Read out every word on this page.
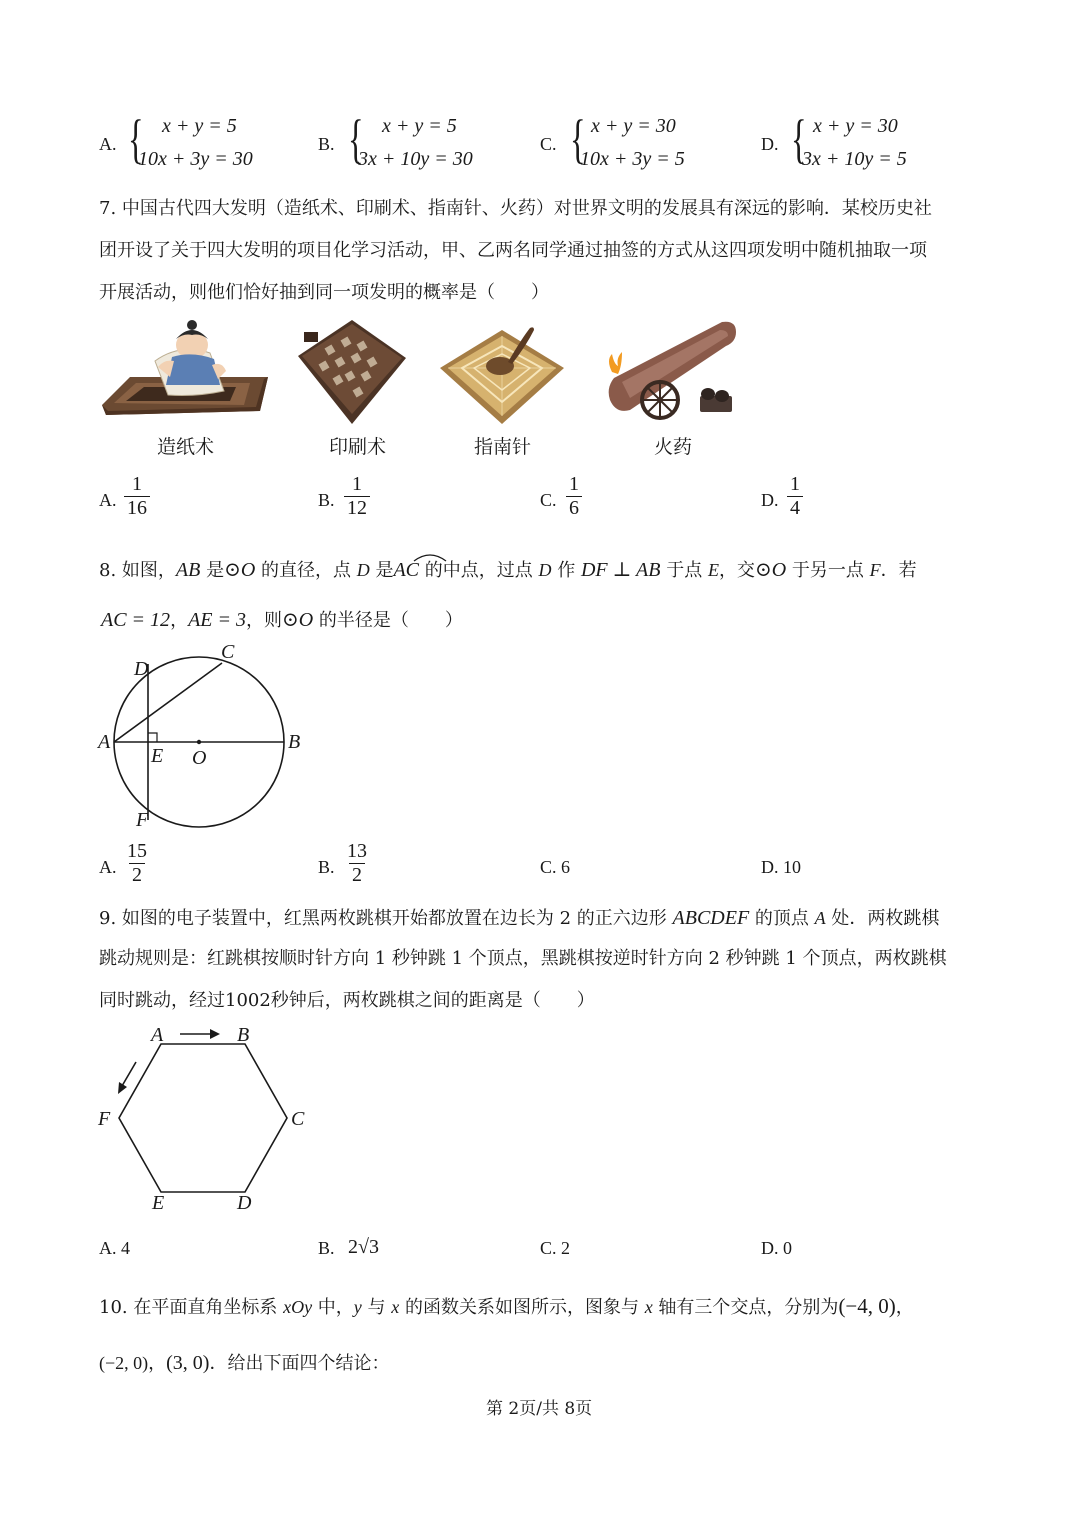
A. { x + y = 5
10x + 3y = 30
B. { x + y = 5
3x + 10y = 30
C. { x + y = 30
10x + 3y = 5
D. { x + y = 30
3x + 10y = 5
7. 中国古代四大发明（造纸术、印刷术、指南针、火药）对世界文明的发展具有深远的影响．某校历史社
团开设了关于四大发明的项目化学习活动，甲、乙两名同学通过抽签的方式从这四项发明中随机抽取一项
开展活动，则他们恰好抽到同一项发明的概率是（　　）
造纸术	印刷术	指南针	火药
A. $\frac{1}{16}$	B. $\frac{1}{12}$	C. $\frac{1}{6}$	D. $\frac{1}{4}$
8. 如图，AB 是⊙O 的直径，点 D 是AC 的中点，过点 D 作 DF ⊥ AB 于点 E，交⊙O 于另一点 F．若
AC = 12，AE = 3，则⊙O 的半径是（　　）
D
C
A
E O
B
F
A. $\frac{15}{2}$	B. $\frac{13}{2}$	C. 6	D. 10
9. 如图的电子装置中，红黑两枚跳棋开始都放置在边长为 2 的正六边形 ABCDEF 的顶点 A 处．两枚跳棋
跳动规则是：红跳棋按顺时针方向 1 秒钟跳 1 个顶点，黑跳棋按逆时针方向 2 秒钟跳 1 个顶点，两枚跳棋
同时跳动，经过1002秒钟后，两枚跳棋之间的距离是（　　）
A	B
C
D
E
F
A. 4	B. 2√3	C. 2	D. 0
10. 在平面直角坐标系 xOy 中，y 与 x 的函数关系如图所示，图象与 x 轴有三个交点，分别为(−4, 0)，
(−2, 0)，(3, 0)．给出下面四个结论：
第 2页/共 8页
